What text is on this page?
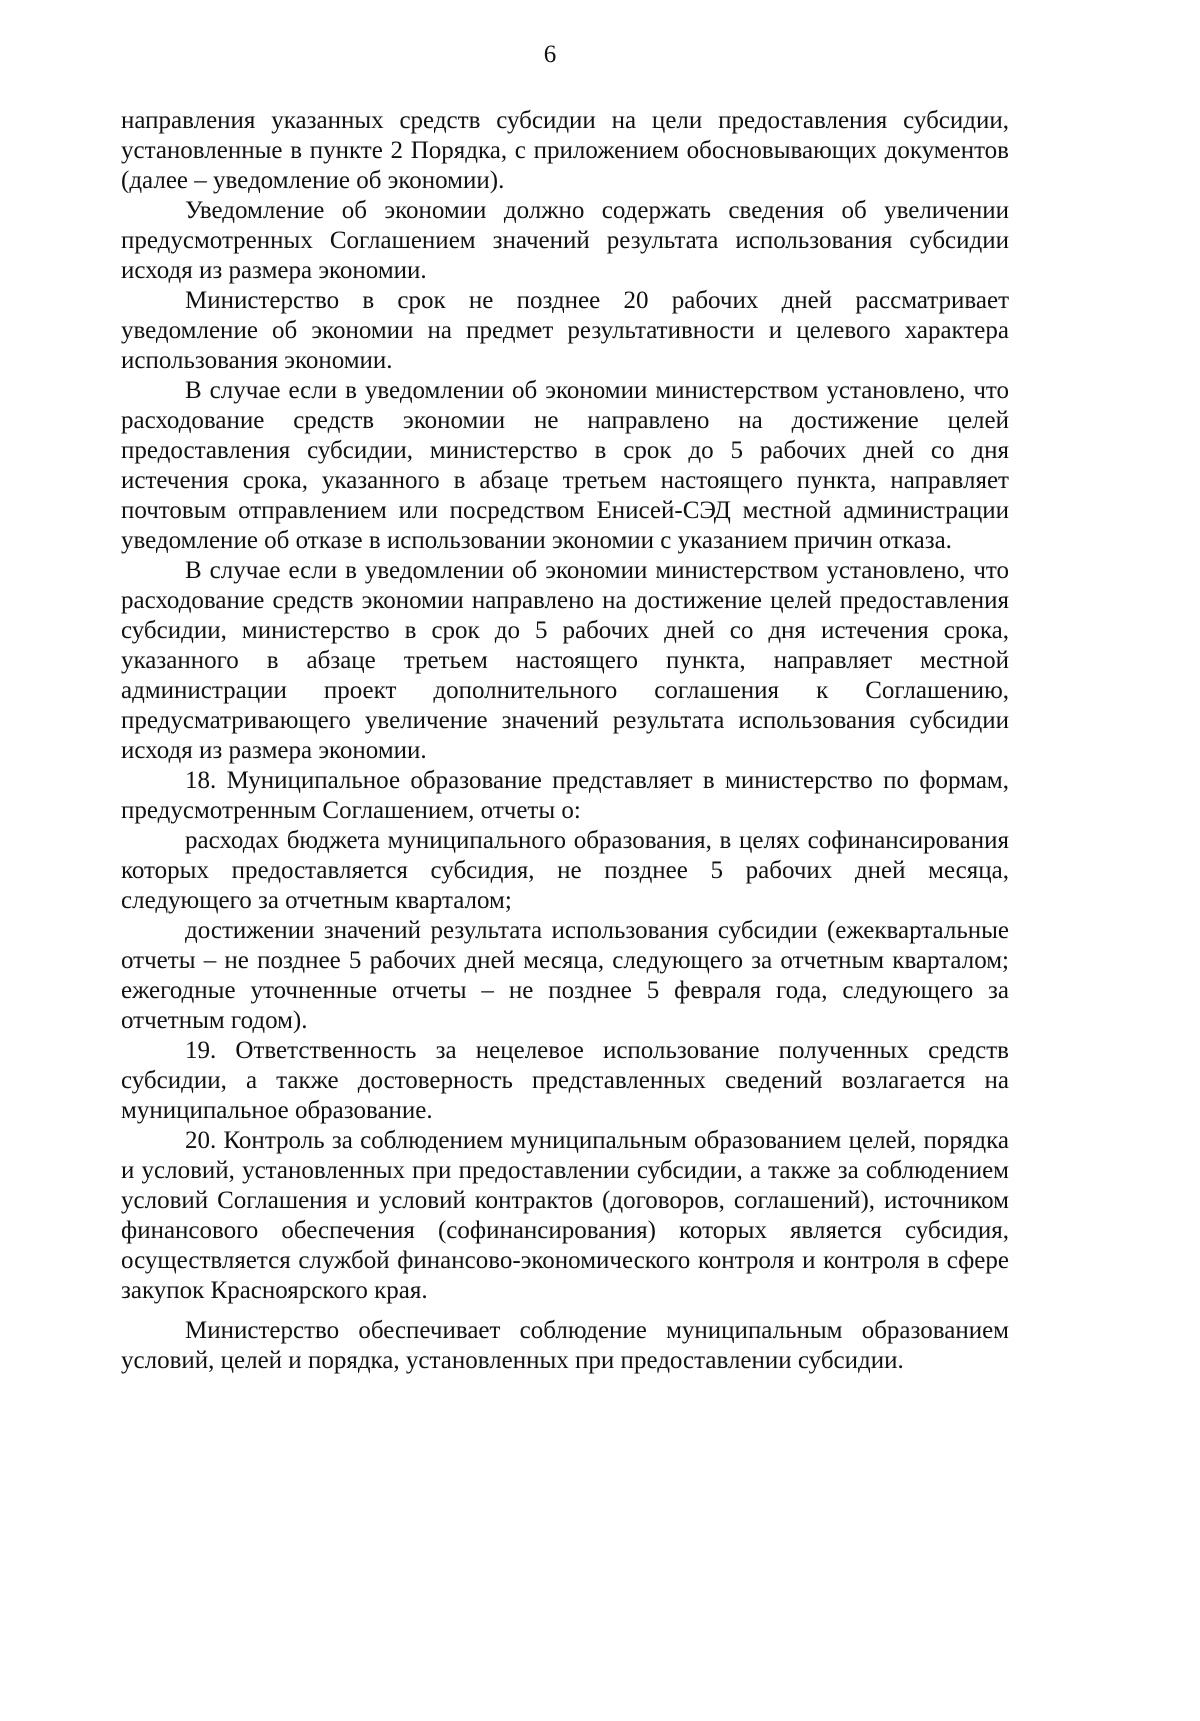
6

направления указанных средств субсидии на цели предоставления субсидии, установленные в пункте 2 Порядка, с приложением обосновывающих документов (далее – уведомление об экономии).

Уведомление об экономии должно содержать сведения об увеличении предусмотренных Соглашением значений результата использования субсидии исходя из размера экономии.

Министерство в срок не позднее 20 рабочих дней рассматривает уведомление об экономии на предмет результативности и целевого характера использования экономии.

В случае если в уведомлении об экономии министерством установлено, что расходование средств экономии не направлено на достижение целей предоставления субсидии, министерство в срок до 5 рабочих дней со дня истечения срока, указанного в абзаце третьем настоящего пункта, направляет почтовым отправлением или посредством Енисей-СЭД местной администрации уведомление об отказе в использовании экономии с указанием причин отказа.

В случае если в уведомлении об экономии министерством установлено, что расходование средств экономии направлено на достижение целей предоставления субсидии, министерство в срок до 5 рабочих дней со дня истечения срока, указанного в абзаце третьем настоящего пункта, направляет местной администрации проект дополнительного соглашения к Соглашению, предусматривающего увеличение значений результата использования субсидии исходя из размера экономии.

18. Муниципальное образование представляет в министерство по формам, предусмотренным Соглашением, отчеты о:

расходах бюджета муниципального образования, в целях софинансирования которых предоставляется субсидия, не позднее 5 рабочих дней месяца, следующего за отчетным кварталом;

достижении значений результата использования субсидии (ежеквартальные отчеты – не позднее 5 рабочих дней месяца, следующего за отчетным кварталом; ежегодные уточненные отчеты – не позднее 5 февраля года, следующего за отчетным годом).

19. Ответственность за нецелевое использование полученных средств субсидии, а также достоверность представленных сведений возлагается на муниципальное образование.

20. Контроль за соблюдением муниципальным образованием целей, порядка и условий, установленных при предоставлении субсидии, а также за соблюдением условий Соглашения и условий контрактов (договоров, соглашений), источником финансового обеспечения (софинансирования) которых является субсидия, осуществляется службой финансово-экономического контроля и контроля в сфере закупок Красноярского края.

Министерство обеспечивает соблюдение муниципальным образованием условий, целей и порядка, установленных при предоставлении субсидии.
